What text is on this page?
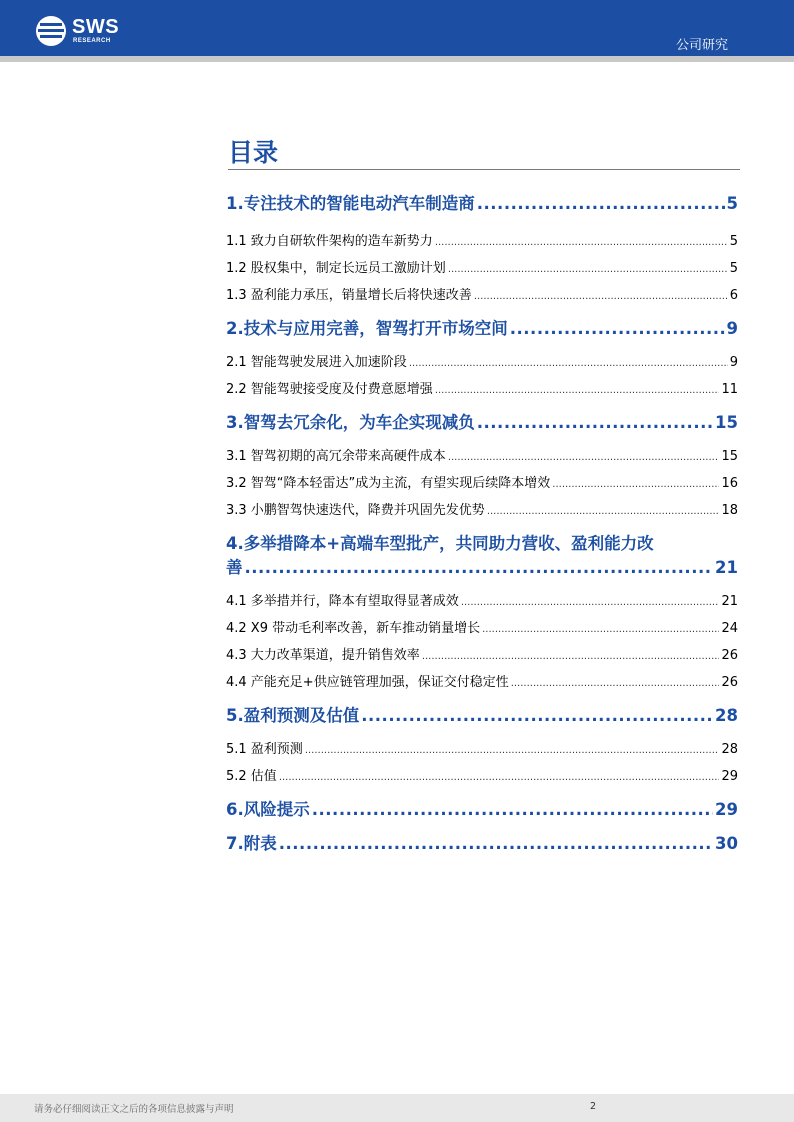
SWS
RESEARCH	公司研究
目录
1.专注技术的智能电动汽车制造商 .....	5
1.1 致力自研软件架构的造车新势力 .....	5
1.2 股权集中，制定长远员工激励计划 .....	5
1.3 盈利能力承压，销量增长后将快速改善 .....	6
2.技术与应用完善，智驾打开市场空间 .....	9
2.1 智能驾驶发展进入加速阶段 .....	9
2.2 智能驾驶接受度及付费意愿增强 .....	11
3.智驾去冗余化，为车企实现减负 .....	15
3.1 智驾初期的高冗余带来高硬件成本 .....	15
3.2 智驾“降本轻雷达”成为主流，有望实现后续降本增效 .....	16
3.3 小鹏智驾快速迭代，降费并巩固先发优势 .....	18
4.多举措降本+高端车型批产，共同助力营收、盈利能力改
善 .....	21
4.1 多举措并行，降本有望取得显著成效 .....	21
4.2 X9 带动毛利率改善，新车推动销量增长 .....	24
4.3 大力改革渠道，提升销售效率 .....	26
4.4 产能充足+供应链管理加强，保证交付稳定性 .....	26
5.盈利预测及估值 .....	28
5.1 盈利预测 .....	28
5.2 估值 .....	29
6.风险提示 .....	29
7.附表 .....	30
请务必仔细阅读正文之后的各项信息披露与声明	2
